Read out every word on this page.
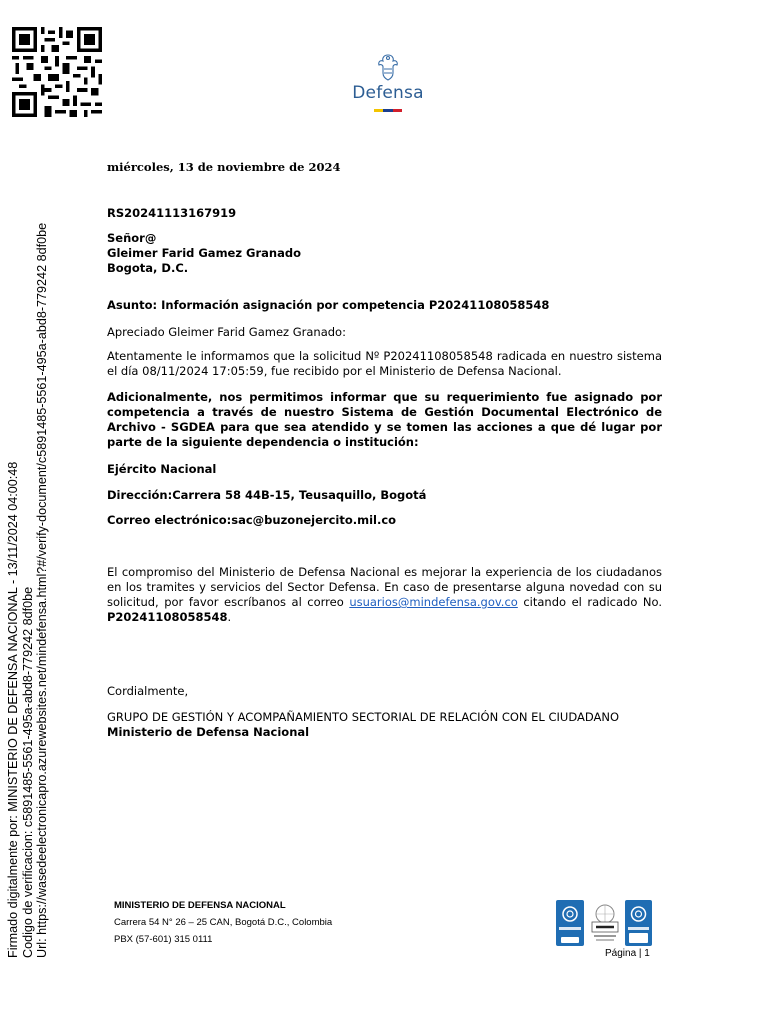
Defensa
Firmado digitalmente por: MINISTERIO DE DEFENSA NACIONAL - 13/11/2024 04:00:48 Codigo de verificacion: c5891485-5561-495a-abd8-779242 8df0be Url: https://wasedeelectronicapro.azurewebsites.net/mindefensa.html?#/verify-document/c5891485-5561-495a-abd8-779242 8df0be
miércoles, 13 de noviembre de 2024
RS20241113167919
Señor@
Gleimer Farid Gamez Granado
Bogota, D.C.
Asunto: Información asignación por competencia P20241108058548
Apreciado Gleimer Farid Gamez Granado:
Atentamente le informamos que la solicitud Nº P20241108058548 radicada en nuestro sistema el día 08/11/2024 17:05:59, fue recibido por el Ministerio de Defensa Nacional.
Adicionalmente, nos permitimos informar que su requerimiento fue asignado por competencia a través de nuestro Sistema de Gestión Documental Electrónico de Archivo - SGDEA para que sea atendido y se tomen las acciones a que dé lugar por parte de la siguiente dependencia o institución:
Ejército Nacional
Dirección:Carrera 58 44B-15, Teusaquillo, Bogotá
Correo electrónico:sac@buzonejercito.mil.co
El compromiso del Ministerio de Defensa Nacional es mejorar la experiencia de los ciudadanos en los tramites y servicios del Sector Defensa. En caso de presentarse alguna novedad con su solicitud, por favor escríbanos al correo usuarios@mindefensa.gov.co citando el radicado No. P20241108058548.
Cordialmente,
GRUPO DE GESTIÓN Y ACOMPAÑAMIENTO SECTORIAL DE RELACIÓN CON EL CIUDADANO
Ministerio de Defensa Nacional
MINISTERIO DE DEFENSA NACIONAL
Carrera 54 N° 26 – 25 CAN, Bogotá D.C., Colombia
PBX (57-601) 315 0111
Página | 1
